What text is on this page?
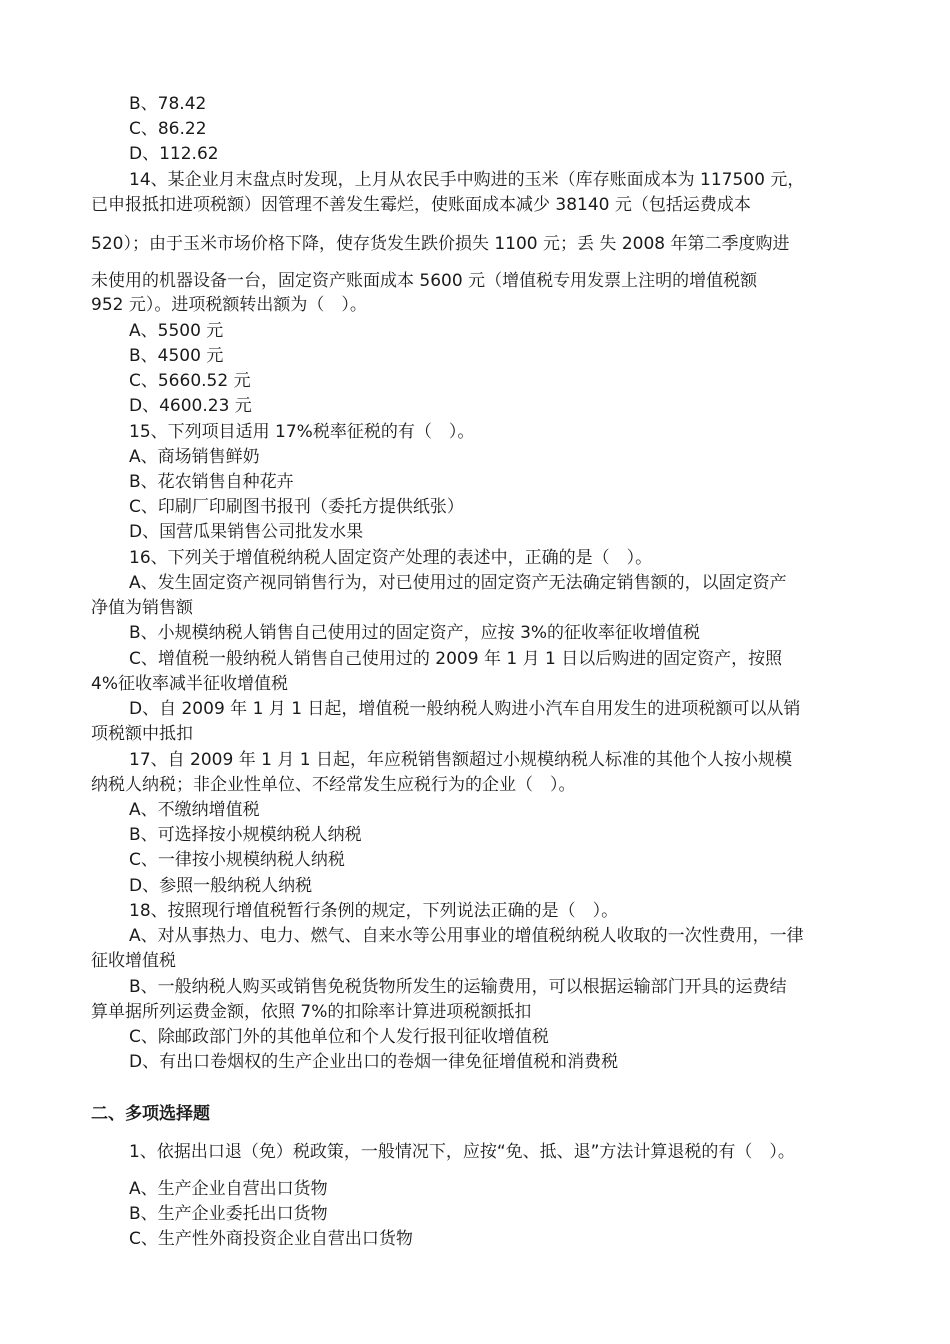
B、78.42
C、86.22
D、112.62
14、某企业月末盘点时发现，上月从农民手中购进的玉米（库存账面成本为 117500 元，
已申报抵扣进项税额）因管理不善发生霉烂，使账面成本减少 38140 元（包括运费成本
520）；由于玉米市场价格下降，使存货发生跌价损失 1100 元；丢 失 2008 年第二季度购进
未使用的机器设备一台，固定资产账面成本 5600 元（增值税专用发票上注明的增值税额
952 元）。进项税额转出额为（　）。
A、5500 元
B、4500 元
C、5660.52 元
D、4600.23 元
15、下列项目适用 17%税率征税的有（　）。
A、商场销售鲜奶
B、花农销售自种花卉
C、印刷厂印刷图书报刊（委托方提供纸张）
D、国营瓜果销售公司批发水果
16、下列关于增值税纳税人固定资产处理的表述中，正确的是（　）。
A、发生固定资产视同销售行为，对已使用过的固定资产无法确定销售额的，以固定资产
净值为销售额
B、小规模纳税人销售自己使用过的固定资产，应按 3%的征收率征收增值税
C、增值税一般纳税人销售自己使用过的 2009 年 1 月 1 日以后购进的固定资产，按照
4%征收率减半征收增值税
D、自 2009 年 1 月 1 日起，增值税一般纳税人购进小汽车自用发生的进项税额可以从销
项税额中抵扣
17、自 2009 年 1 月 1 日起，年应税销售额超过小规模纳税人标准的其他个人按小规模
纳税人纳税；非企业性单位、不经常发生应税行为的企业（　）。
A、不缴纳增值税
B、可选择按小规模纳税人纳税
C、一律按小规模纳税人纳税
D、参照一般纳税人纳税
18、按照现行增值税暂行条例的规定，下列说法正确的是（　）。
A、对从事热力、电力、燃气、自来水等公用事业的增值税纳税人收取的一次性费用，一律
征收增值税
B、一般纳税人购买或销售免税货物所发生的运输费用，可以根据运输部门开具的运费结
算单据所列运费金额，依照 7%的扣除率计算进项税额抵扣
C、除邮政部门外的其他单位和个人发行报刊征收增值税
D、有出口卷烟权的生产企业出口的卷烟一律免征增值税和消费税
二、多项选择题
1、依据出口退（免）税政策，一般情况下，应按“免、抵、退”方法计算退税的有（　）。
A、生产企业自营出口货物
B、生产企业委托出口货物
C、生产性外商投资企业自营出口货物
